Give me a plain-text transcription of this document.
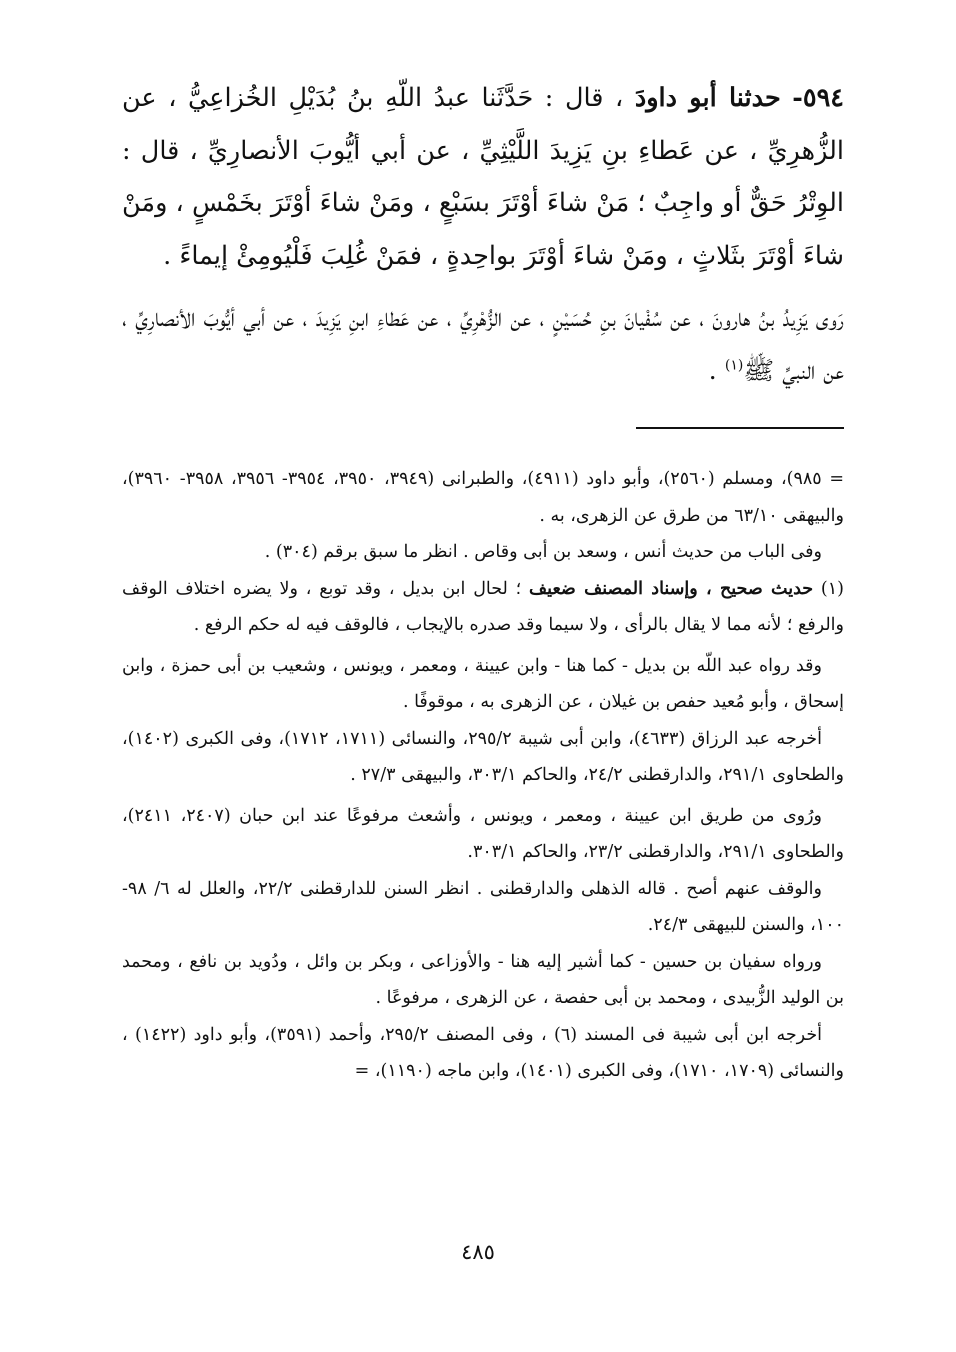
٥٩٤- حدثنا أبو داودَ ، قال : حَدَّثَنا عبدُ اللّهِ بنُ بُدَيْلِ الخُزاعِيُّ ، عن الزُّهرِيِّ ، عن عَطاءِ بنِ يَزِيدَ اللَّيْثِيِّ ، عن أبي أيُّوبَ الأنصارِيِّ ، قال : الوِتْرُ حَقٌّ أو واجِبٌ ؛ مَنْ شاءَ أوْتَرَ بسَبْعٍ ، ومَنْ شاءَ أوْتَرَ بخَمْسٍ ، ومَنْ شاءَ أوْتَرَ بثَلاثٍ ، ومَنْ شاءَ أوْتَرَ بواحِدةٍ ، فمَنْ غُلِبَ فَلْيُومِئْ إيماءً .

رَوى يَزِيدُ بنُ هارونَ ، عن سُفْيانَ بنِ حُسَيْنٍ ، عن الزُّهْرِيِّ ، عن عَطاءِ ابنِ يَزِيدَ ، عن أبي أيُّوبَ الأنصارِيِّ ، عن النبيِّ ﷺ$^{(١)}$ .

= ٩٨٥)، ومسلم (٢٥٦٠)، وأبو داود (٤٩١١)، والطبرانى (٣٩٤٩، ٣٩٥٠، ٣٩٥٤- ٣٩٥٦، ٣٩٥٨- ٣٩٦٠)، والبيهقى ٦٣/١٠ من طرق عن الزهرى، به .

وفى الباب من حديث أنس ، وسعد بن أبى وقاص . انظر ما سبق برقم (٣٠٤) .

(١) حديث صحيح ، وإسناد المصنف ضعيف ؛ لحال ابن بديل ، وقد توبع ، ولا يضره اختلاف الوقف والرفع ؛ لأنه مما لا يقال بالرأى ، ولا سيما وقد صدره بالإيجاب ، فالوقف فيه له حكم الرفع .

وقد رواه عبد اللّه بن بديل - كما هنا - وابن عيينة ، ومعمر ، ويونس ، وشعيب بن أبى حمزة ، وابن إسحاق ، وأبو مُعيد حفص بن غيلان ، عن الزهرى به ، موقوفًا .

أخرجه عبد الرزاق (٤٦٣٣)، وابن أبى شيبة ٢٩٥/٢، والنسائى (١٧١١، ١٧١٢)، وفى الكبرى (١٤٠٢)، والطحاوى ٢٩١/١، والدارقطنى ٢٤/٢، والحاكم ٣٠٣/١، والبيهقى ٢٧/٣ .

ورُوى من طريق ابن عيينة ، ومعمر ، ويونس ، وأشعث مرفوعًا عند ابن حبان (٢٤٠٧، ٢٤١١)، والطحاوى ٢٩١/١، والدارقطنى ٢٣/٢، والحاكم ٣٠٣/١.

والوقف عنهم أصح . قاله الذهلى والدارقطنى . انظر السنن للدارقطنى ٢٢/٢، والعلل له ٦/ ٩٨- ١٠٠، والسنن للبيهقى ٢٤/٣.

ورواه سفيان بن حسين - كما أشير إليه هنا - والأوزاعى ، وبكر بن وائل ، ودُويد بن نافع ، ومحمد بن الوليد الزُّبيدى ، ومحمد بن أبى حفصة ، عن الزهرى ، مرفوعًا .

أخرجه ابن أبى شيبة فى المسند (٦) ، وفى المصنف ٢٩٥/٢، وأحمد (٣٥٩١)، وأبو داود (١٤٢٢) ، والنسائى (١٧٠٩، ١٧١٠)، وفى الكبرى (١٤٠١)، وابن ماجه (١١٩٠)، =

٤٨٥
